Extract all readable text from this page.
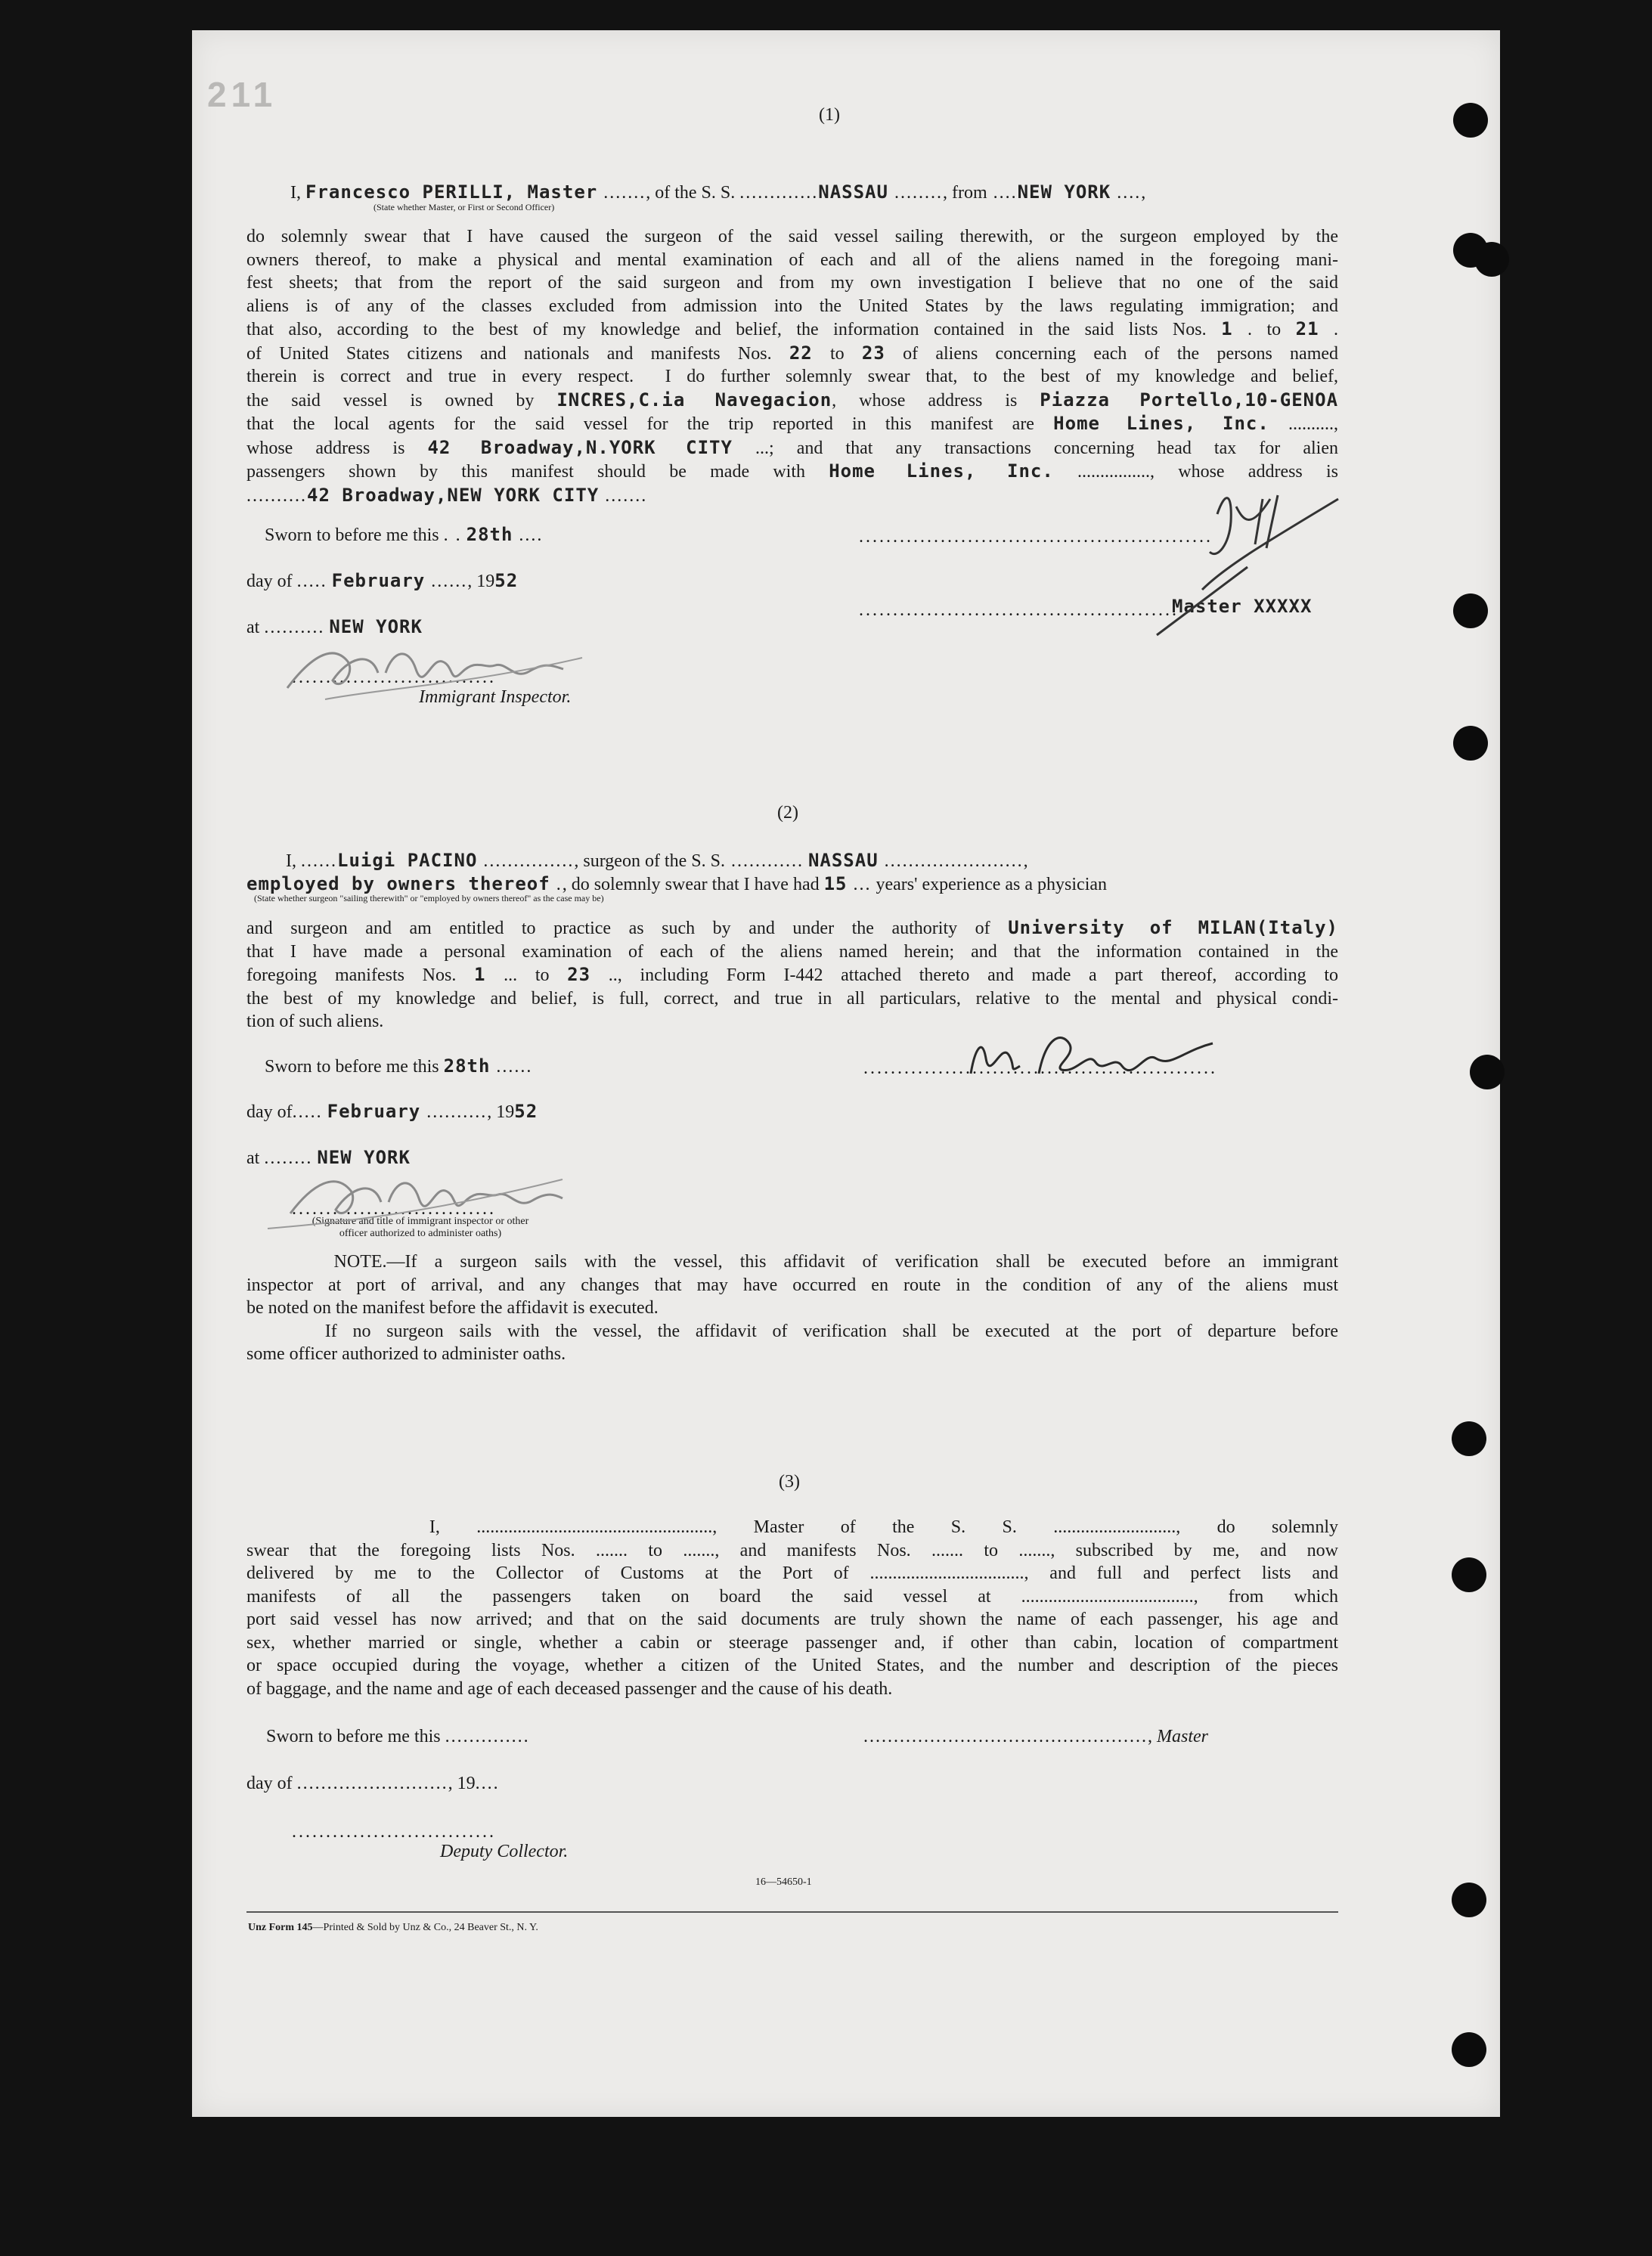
211
(1)
I, Francesco PERILLI, Master ......., of the S. S. .............NASSAU ........, from ....NEW YORK ....,
(State whether Master, or First or Second Officer)
do solemnly swear that I have caused the surgeon of the said vessel sailing therewith, or the surgeon employed by the
owners thereof, to make a physical and mental examination of each and all of the aliens named in the foregoing mani-
fest sheets; that from the report of the said surgeon and from my own investigation I believe that no one of the said
aliens is of any of the classes excluded from admission into the United States by the laws regulating immigration; and
that also, according to the best of my knowledge and belief, the information contained in the said lists Nos. 1 . to 21 .
of United States citizens and nationals and manifests Nos. 22 to 23 of aliens concerning each of the persons named
therein is correct and true in every respect.  I do further solemnly swear that, to the best of my knowledge and belief,
the said vessel is owned by INCRES,C.ia Navegacion, whose address is Piazza Portello,10-GENOA
that the local agents for the said vessel for the trip reported in this manifest are Home Lines, Inc. ..........,
whose address is 42 Broadway,N.YORK CITY ...; and that any transactions concerning head tax for alien
passengers shown by this manifest should be made with Home Lines, Inc. ................, whose address is
..........42 Broadway,NEW YORK CITY .......
Sworn to before me this . . 28th ....	....................................................
day of ..... February ......, 1952
at .......... NEW YORK
...............................................
Master XXXXX
..............................
Immigrant Inspector.
(2)
I, ......Luigi PACINO ..............., surgeon of the S. S. ............ NASSAU .......................,
employed by owners thereof ., do solemnly swear that I have had 15 ... years' experience as a physician
(State whether surgeon "sailing therewith" or "employed by owners thereof" as the case may be)
and surgeon and am entitled to practice as such by and under the authority of University of MILAN(Italy)
that I have made a personal examination of each of the aliens named herein; and that the information contained in the
foregoing manifests Nos. 1 ... to 23 .., including Form I-442 attached thereto and made a part thereof, according to
the best of my knowledge and belief, is full, correct, and true in all particulars, relative to the mental and physical condi-
tion of such aliens.
Sworn to before me this 28th ......	....................................................
day of..... February .........., 1952
at ........ NEW YORK
..............................
(Signature and title of immigrant inspector or other officer authorized to administer oaths)
NOTE.—If a surgeon sails with the vessel, this affidavit of verification shall be executed before an immigrant
inspector at port of arrival, and any changes that may have occurred en route in the condition of any of the aliens must
be noted on the manifest before the affidavit is executed.
If no surgeon sails with the vessel, the affidavit of verification shall be executed at the port of departure before
some officer authorized to administer oaths.
(3)
I, ...................................................., Master of the S. S. ..........................., do solemnly
swear that the foregoing lists Nos. ....... to ......., and manifests Nos. ....... to ......., subscribed by me, and now
delivered by me to the Collector of Customs at the Port of .................................., and full and perfect lists and
manifests of all the passengers taken on board the said vessel at ......................................, from which
port said vessel has now arrived; and that on the said documents are truly shown the name of each passenger, his age and
sex, whether married or single, whether a cabin or steerage passenger and, if other than cabin, location of compartment
or space occupied during the voyage, whether a citizen of the United States, and the number and description of the pieces
of baggage, and the name and age of each deceased passenger and the cause of his death.
Sworn to before me this ..............	..............................................., Master
day of ........................., 19....
..............................
Deputy Collector.
16—54650-1
Unz Form 145—Printed & Sold by Unz & Co., 24 Beaver St., N. Y.
